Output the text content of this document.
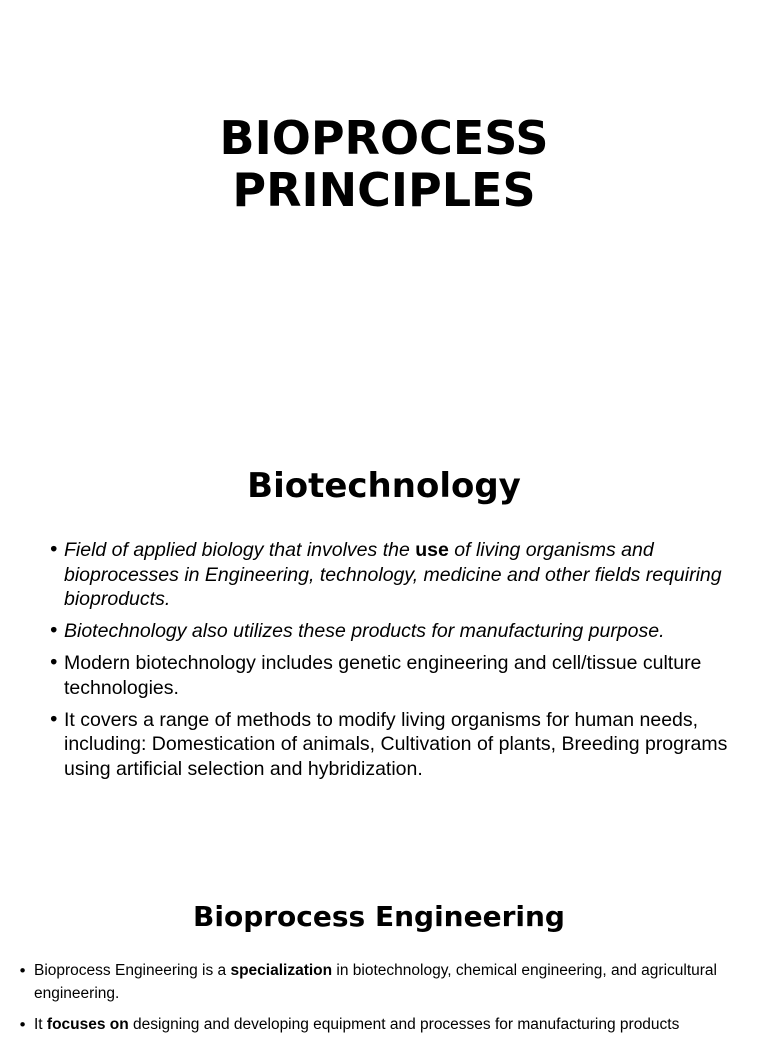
BIOPROCESS
PRINCIPLES
Biotechnology
• Field of applied biology that involves the use of living organisms and bioprocesses in Engineering, technology, medicine and other fields requiring bioproducts.
• Biotechnology also utilizes these products for manufacturing purpose.
• Modern biotechnology includes genetic engineering and cell/tissue culture technologies.
• It covers a range of methods to modify living organisms for human needs, including: Domestication of animals, Cultivation of plants, Breeding programs using artificial selection and hybridization.
Bioprocess Engineering
• Bioprocess Engineering is a specialization in biotechnology, chemical engineering, and agricultural engineering.
• It focuses on designing and developing equipment and processes for manufacturing products
